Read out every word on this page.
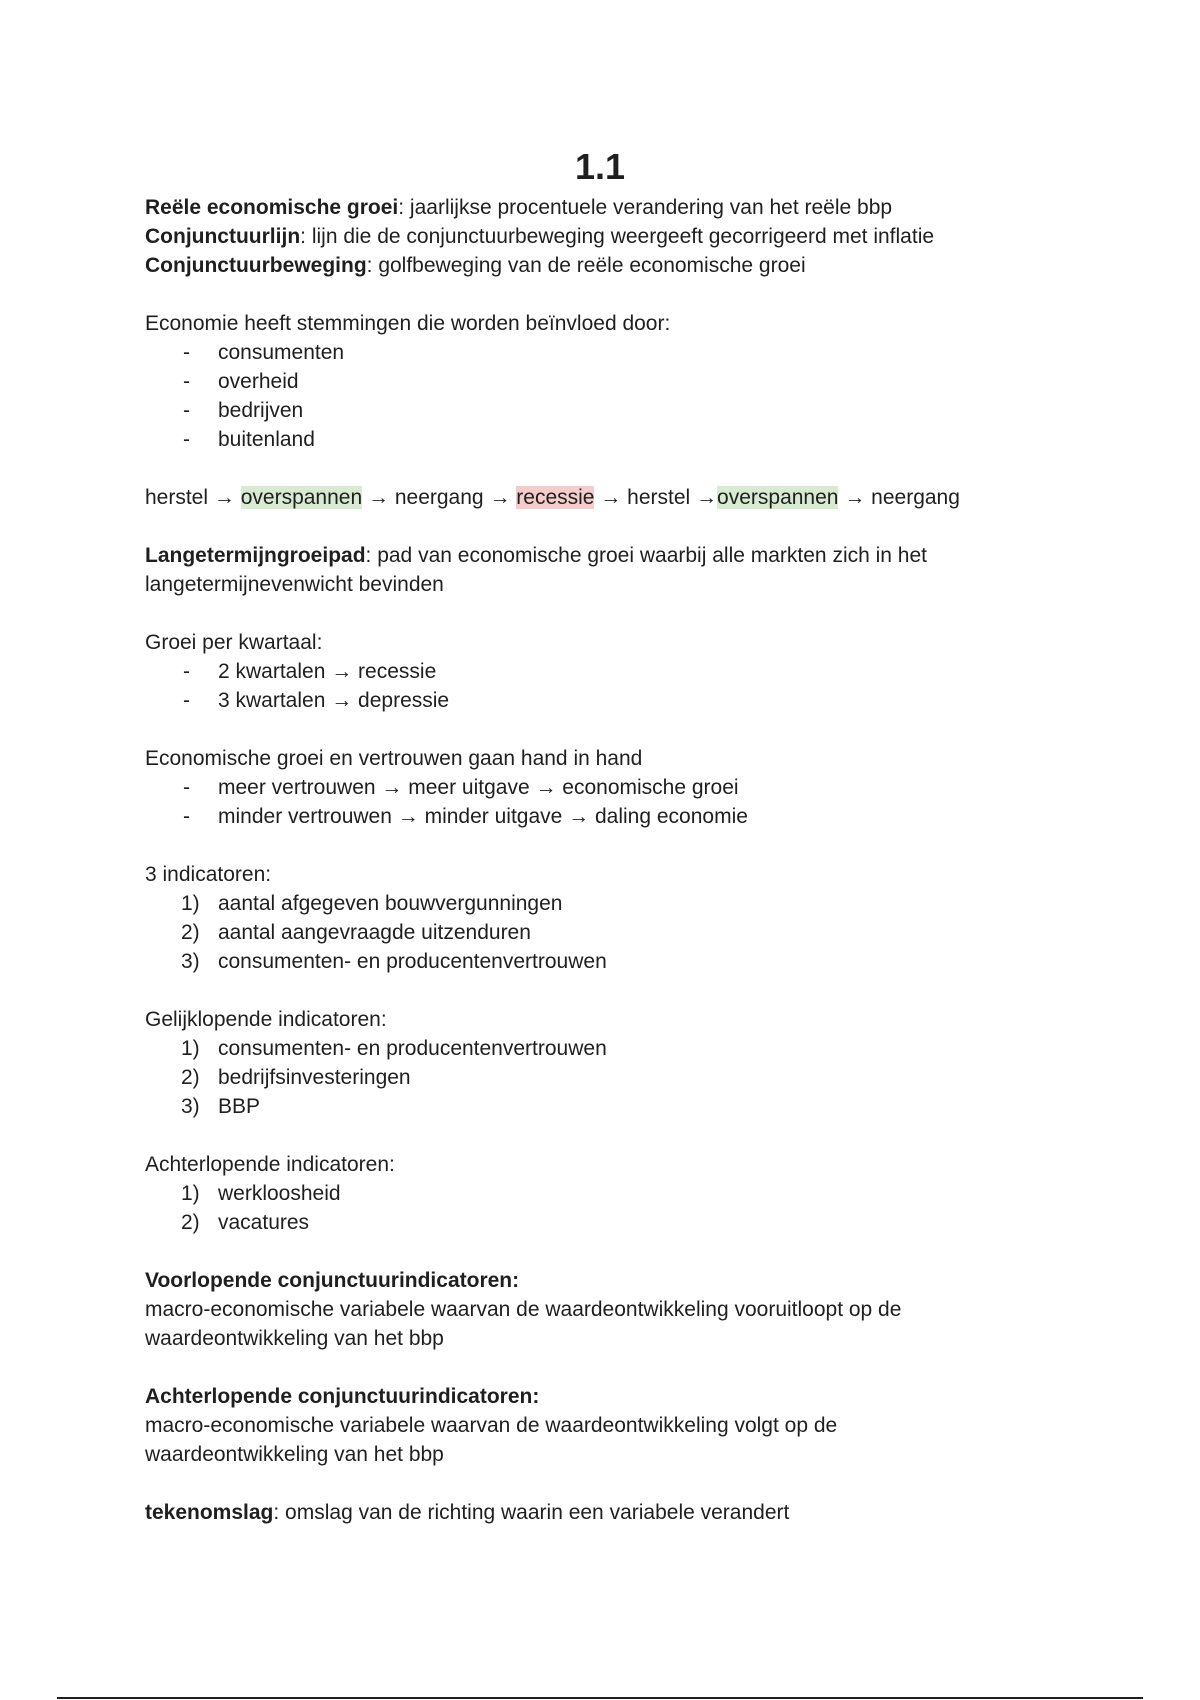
1.1
Reële economische groei: jaarlijkse procentuele verandering van het reële bbp
Conjunctuurlijn: lijn die de conjunctuurbeweging weergeeft gecorrigeerd met inflatie
Conjunctuurbeweging: golfbeweging van de reële economische groei
Economie heeft stemmingen die worden beïnvloed door:
- consumenten
- overheid
- bedrijven
- buitenland
herstel → overspannen → neergang → recessie → herstel →overspannen → neergang
Langetermijngroeipad: pad van economische groei waarbij alle markten zich in het langetermijnevenwicht bevinden
Groei per kwartaal:
- 2 kwartalen → recessie
- 3 kwartalen → depressie
Economische groei en vertrouwen gaan hand in hand
- meer vertrouwen → meer uitgave → economische groei
- minder vertrouwen → minder uitgave → daling economie
3 indicatoren:
1) aantal afgegeven bouwvergunningen
2) aantal aangevraagde uitzenduren
3) consumenten- en producentenvertrouwen
Gelijklopende indicatoren:
1) consumenten- en producentenvertrouwen
2) bedrijfsinvesteringen
3) BBP
Achterlopende indicatoren:
1) werkloosheid
2) vacatures
Voorlopende conjunctuurindicatoren:
macro-economische variabele waarvan de waardeontwikkeling vooruitloopt op de waardeontwikkeling van het bbp
Achterlopende conjunctuurindicatoren:
macro-economische variabele waarvan de waardeontwikkeling volgt op de waardeontwikkeling van het bbp
tekenomslag: omslag van de richting waarin een variabele verandert
